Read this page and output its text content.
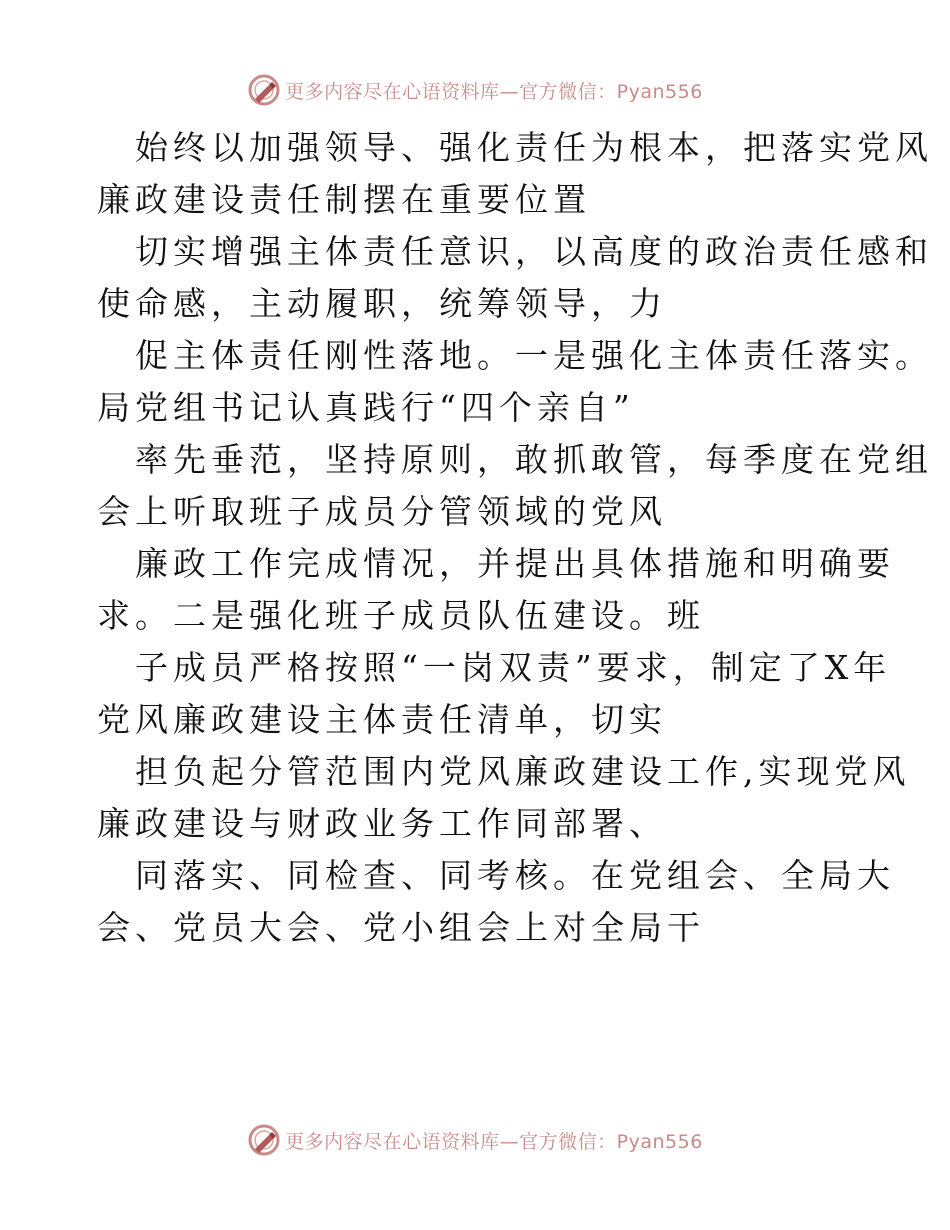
更多内容尽在心语资料库—官方微信：Pyan556

始终以加强领导、强化责任为根本，把落实党风
廉政建设责任制摆在重要位置

切实增强主体责任意识，以高度的政治责任感和
使命感，主动履职，统筹领导，力

促主体责任刚性落地。一是强化主体责任落实。
局党组书记认真践行“四个亲自”

率先垂范，坚持原则，敢抓敢管，每季度在党组
会上听取班子成员分管领域的党风

廉政工作完成情况，并提出具体措施和明确要
求。二是强化班子成员队伍建设。班

子成员严格按照“一岗双责”要求，制定了X年
党风廉政建设主体责任清单，切实

担负起分管范围内党风廉政建设工作,实现党风
廉政建设与财政业务工作同部署、

同落实、同检查、同考核。在党组会、全局大
会、党员大会、党小组会上对全局干

更多内容尽在心语资料库—官方微信：Pyan556
